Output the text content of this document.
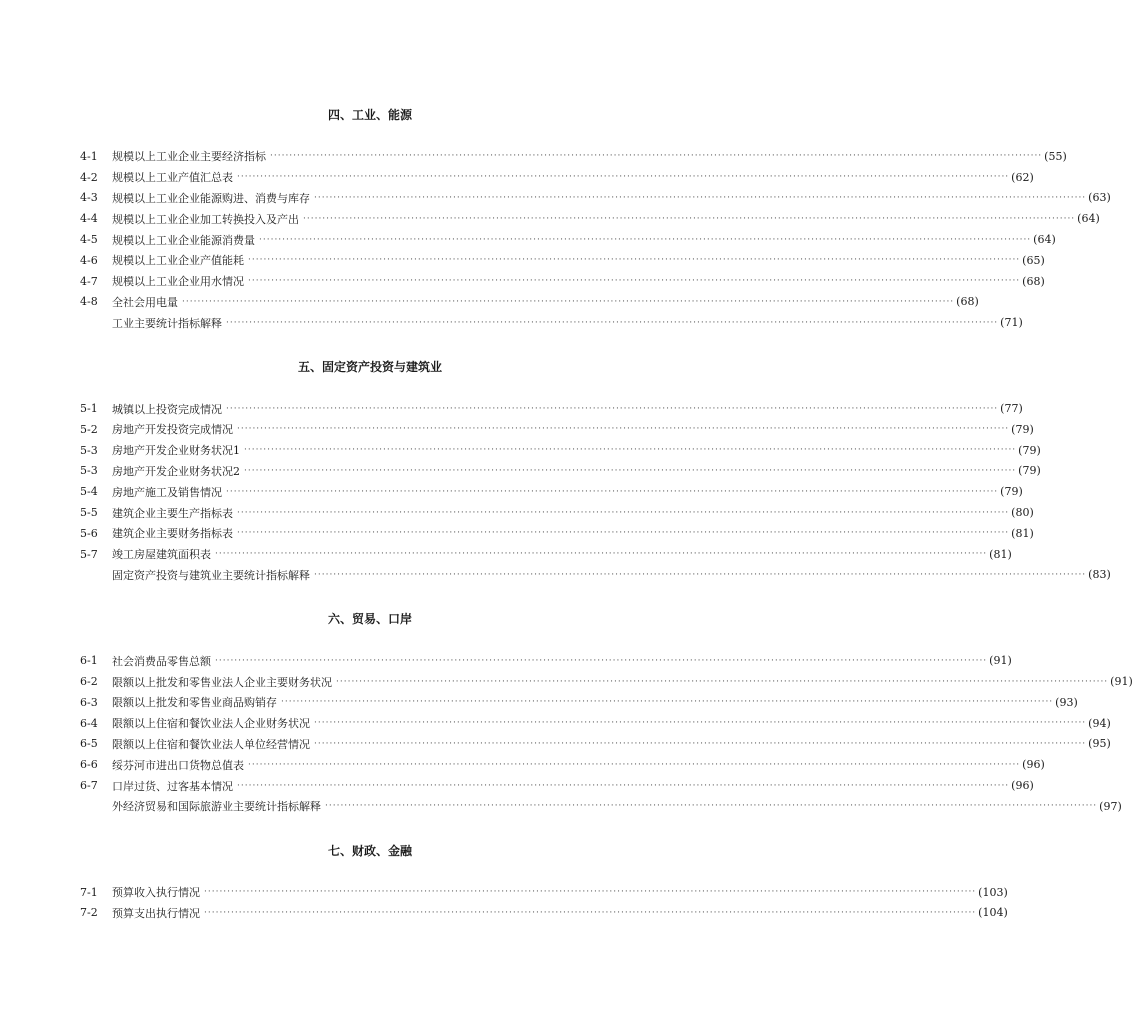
四、工业、能源
4-1	规模以上工业企业主要经济指标 ········································································································································································································ (55)
4-2	规模以上工业产值汇总表 ········································································································································································································ (62)
4-3	规模以上工业企业能源购进、消费与库存 ········································································································································································································ (63)
4-4	规模以上工业企业加工转换投入及产出 ········································································································································································································ (64)
4-5	规模以上工业企业能源消费量 ········································································································································································································ (64)
4-6	规模以上工业企业产值能耗 ········································································································································································································ (65)
4-7	规模以上工业企业用水情况 ········································································································································································································ (68)
4-8	全社会用电量 ········································································································································································································ (68)
工业主要统计指标解释 ········································································································································································································ (71)
五、固定资产投资与建筑业
5-1	城镇以上投资完成情况 ········································································································································································································ (77)
5-2	房地产开发投资完成情况 ········································································································································································································ (79)
5-3	房地产开发企业财务状况1 ········································································································································································································ (79)
5-3	房地产开发企业财务状况2 ········································································································································································································ (79)
5-4	房地产施工及销售情况 ········································································································································································································ (79)
5-5	建筑企业主要生产指标表 ········································································································································································································ (80)
5-6	建筑企业主要财务指标表 ········································································································································································································ (81)
5-7	竣工房屋建筑面积表 ········································································································································································································ (81)
固定资产投资与建筑业主要统计指标解释 ········································································································································································································ (83)
六、贸易、口岸
6-1	社会消费品零售总额 ········································································································································································································ (91)
6-2	限额以上批发和零售业法人企业主要财务状况 ········································································································································································································ (91)
6-3	限额以上批发和零售业商品购销存 ········································································································································································································ (93)
6-4	限额以上住宿和餐饮业法人企业财务状况 ········································································································································································································ (94)
6-5	限额以上住宿和餐饮业法人单位经营情况 ········································································································································································································ (95)
6-6	绥芬河市进出口货物总值表 ········································································································································································································ (96)
6-7	口岸过货、过客基本情况 ········································································································································································································ (96)
外经济贸易和国际旅游业主要统计指标解释 ········································································································································································································ (97)
七、财政、金融
7-1	预算收入执行情况 ········································································································································································································ (103)
7-2	预算支出执行情况 ········································································································································································································ (104)
